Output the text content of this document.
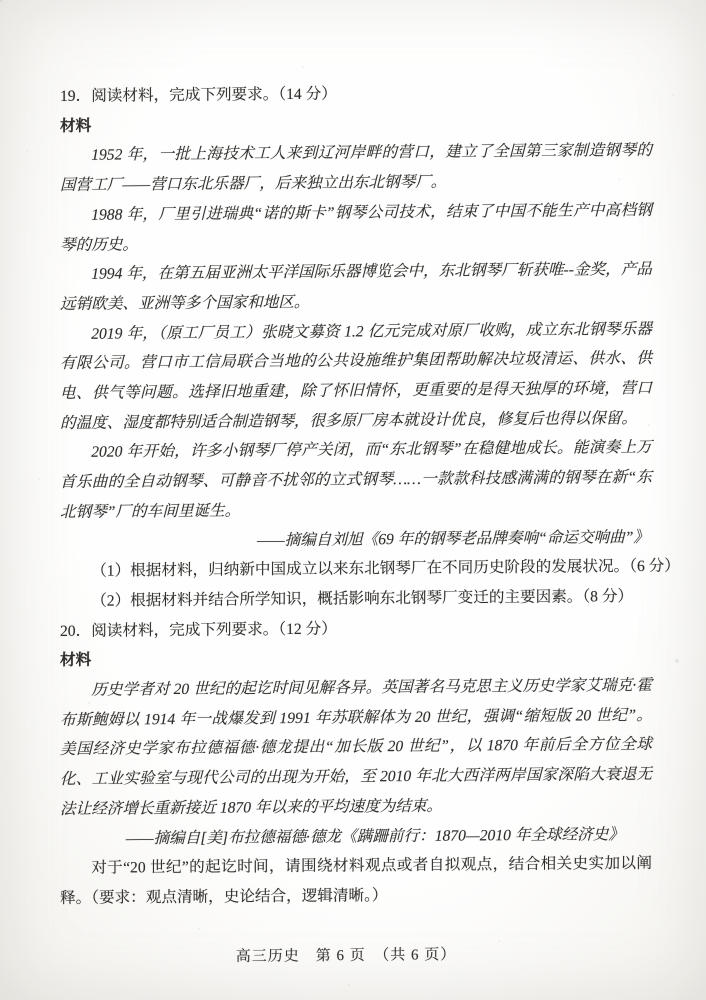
19．阅读材料，完成下列要求。（14 分）
材料
1952 年，一批上海技术工人来到辽河岸畔的营口，建立了全国第三家制造钢琴的国营工厂——营口东北乐器厂，后来独立出东北钢琴厂。
1988 年，厂里引进瑞典“诺的斯卡”钢琴公司技术，结束了中国不能生产中高档钢琴的历史。
1994 年，在第五届亚洲太平洋国际乐器博览会中，东北钢琴厂斩获唯--金奖，产品远销欧美、亚洲等多个国家和地区。
2019 年，（原工厂员工）张晓文募资 1.2 亿元完成对原厂收购，成立东北钢琴乐器有限公司。营口市工信局联合当地的公共设施维护集团帮助解决垃圾清运、供水、供电、供气等问题。选择旧地重建，除了怀旧情怀，更重要的是得天独厚的环境，营口的温度、湿度都特别适合制造钢琴，很多原厂房本就设计优良，修复后也得以保留。
2020 年开始，许多小钢琴厂停产关闭，而“东北钢琴”在稳健地成长。能演奏上万首乐曲的全自动钢琴、可静音不扰邻的立式钢琴……一款款科技感满满的钢琴在新“东北钢琴”厂的车间里诞生。
——摘编自刘旭《69 年的钢琴老品牌奏响“命运交响曲”》
（1）根据材料，归纳新中国成立以来东北钢琴厂在不同历史阶段的发展状况。（6 分）
（2）根据材料并结合所学知识，概括影响东北钢琴厂变迁的主要因素。（8 分）
20．阅读材料，完成下列要求。（12 分）
材料
历史学者对 20 世纪的起讫时间见解各异。英国著名马克思主义历史学家艾瑞克·霍布斯鲍姆以 1914 年一战爆发到 1991 年苏联解体为 20 世纪，强调“缩短版 20 世纪”。美国经济史学家布拉德福德·德龙提出“加长版 20 世纪”，以 1870 年前后全方位全球化、工业实验室与现代公司的出现为开始，至 2010 年北大西洋两岸国家深陷大衰退无法让经济增长重新接近 1870 年以来的平均速度为结束。
——摘编自[美]布拉德福德·德龙《蹒跚前行：1870—2010 年全球经济史》
对于“20 世纪”的起讫时间，请围绕材料观点或者自拟观点，结合相关史实加以阐释。（要求：观点清晰，史论结合，逻辑清晰。）
高三历史　第 6 页　（共 6 页）
